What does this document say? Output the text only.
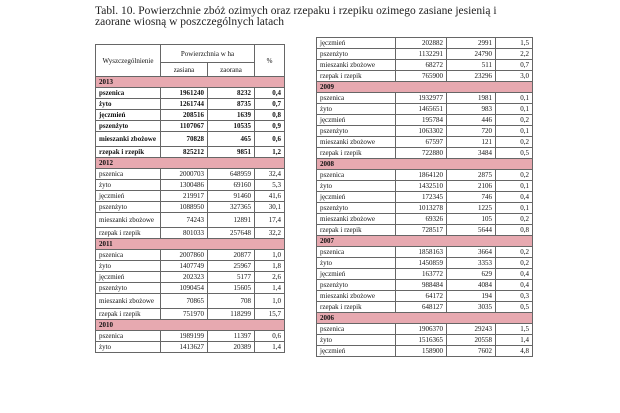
Tabl. 10. Powierzchnie zbóż ozimych oraz rzepaku i rzepiku ozimego zasiane jesienią i zaorane wiosną w poszczególnych latach
Wyszczególnienie	Powierzchnia w ha		%
	zasiana	zaorana	
2013			
pszenica	1961240	8232	0,4
żyto	1261744	8735	0,7
jęczmień	208516	1639	0,8
pszenżyto	1107067	10535	0,9
mieszanki zbożowe	70828	465	0,6
rzepak i rzepik	825212	9851	1,2
2012			
pszenica	2000703	648959	32,4
żyto	1300486	69160	5,3
jęczmień	219917	91460	41,6
pszenżyto	1088950	327365	30,1
mieszanki zbożowe	74243	12891	17,4
rzepak i rzepik	801033	257648	32,2
2011			
pszenica	2007860	20877	1,0
żyto	1407749	25967	1,8
jęczmień	202323	5177	2,6
pszenżyto	1090454	15605	1,4
mieszanki zbożowe	70865	708	1,0
rzepak i rzepik	751970	118299	15,7
2010			
pszenica	1989199	11397	0,6
żyto	1413627	20389	1,4
jęczmień	202882	2991	1,5
pszenżyto	1132291	24790	2,2
mieszanki zbożowe	68272	511	0,7
rzepak i rzepik	765900	23296	3,0
2009			
pszenica	1932977	1981	0,1
żyto	1465651	983	0,1
jęczmień	195784	446	0,2
pszenżyto	1063302	720	0,1
mieszanki zbożowe	67597	121	0,2
rzepak i rzepik	722880	3484	0,5
2008			
pszenica	1864120	2875	0,2
żyto	1432510	2106	0,1
jęczmień	172345	746	0,4
pszenżyto	1013278	1225	0,1
mieszanki zbożowe	69326	105	0,2
rzepak i rzepik	728517	5644	0,8
2007			
pszenica	1858163	3664	0,2
żyto	1450859	3353	0,2
jęczmień	163772	629	0,4
pszenżyto	988484	4084	0,4
mieszanki zbożowe	64172	194	0,3
rzepak i rzepik	648127	3035	0,5
2006			
pszenica	1906370	29243	1,5
żyto	1516365	20558	1,4
jęczmień	158900	7602	4,8
